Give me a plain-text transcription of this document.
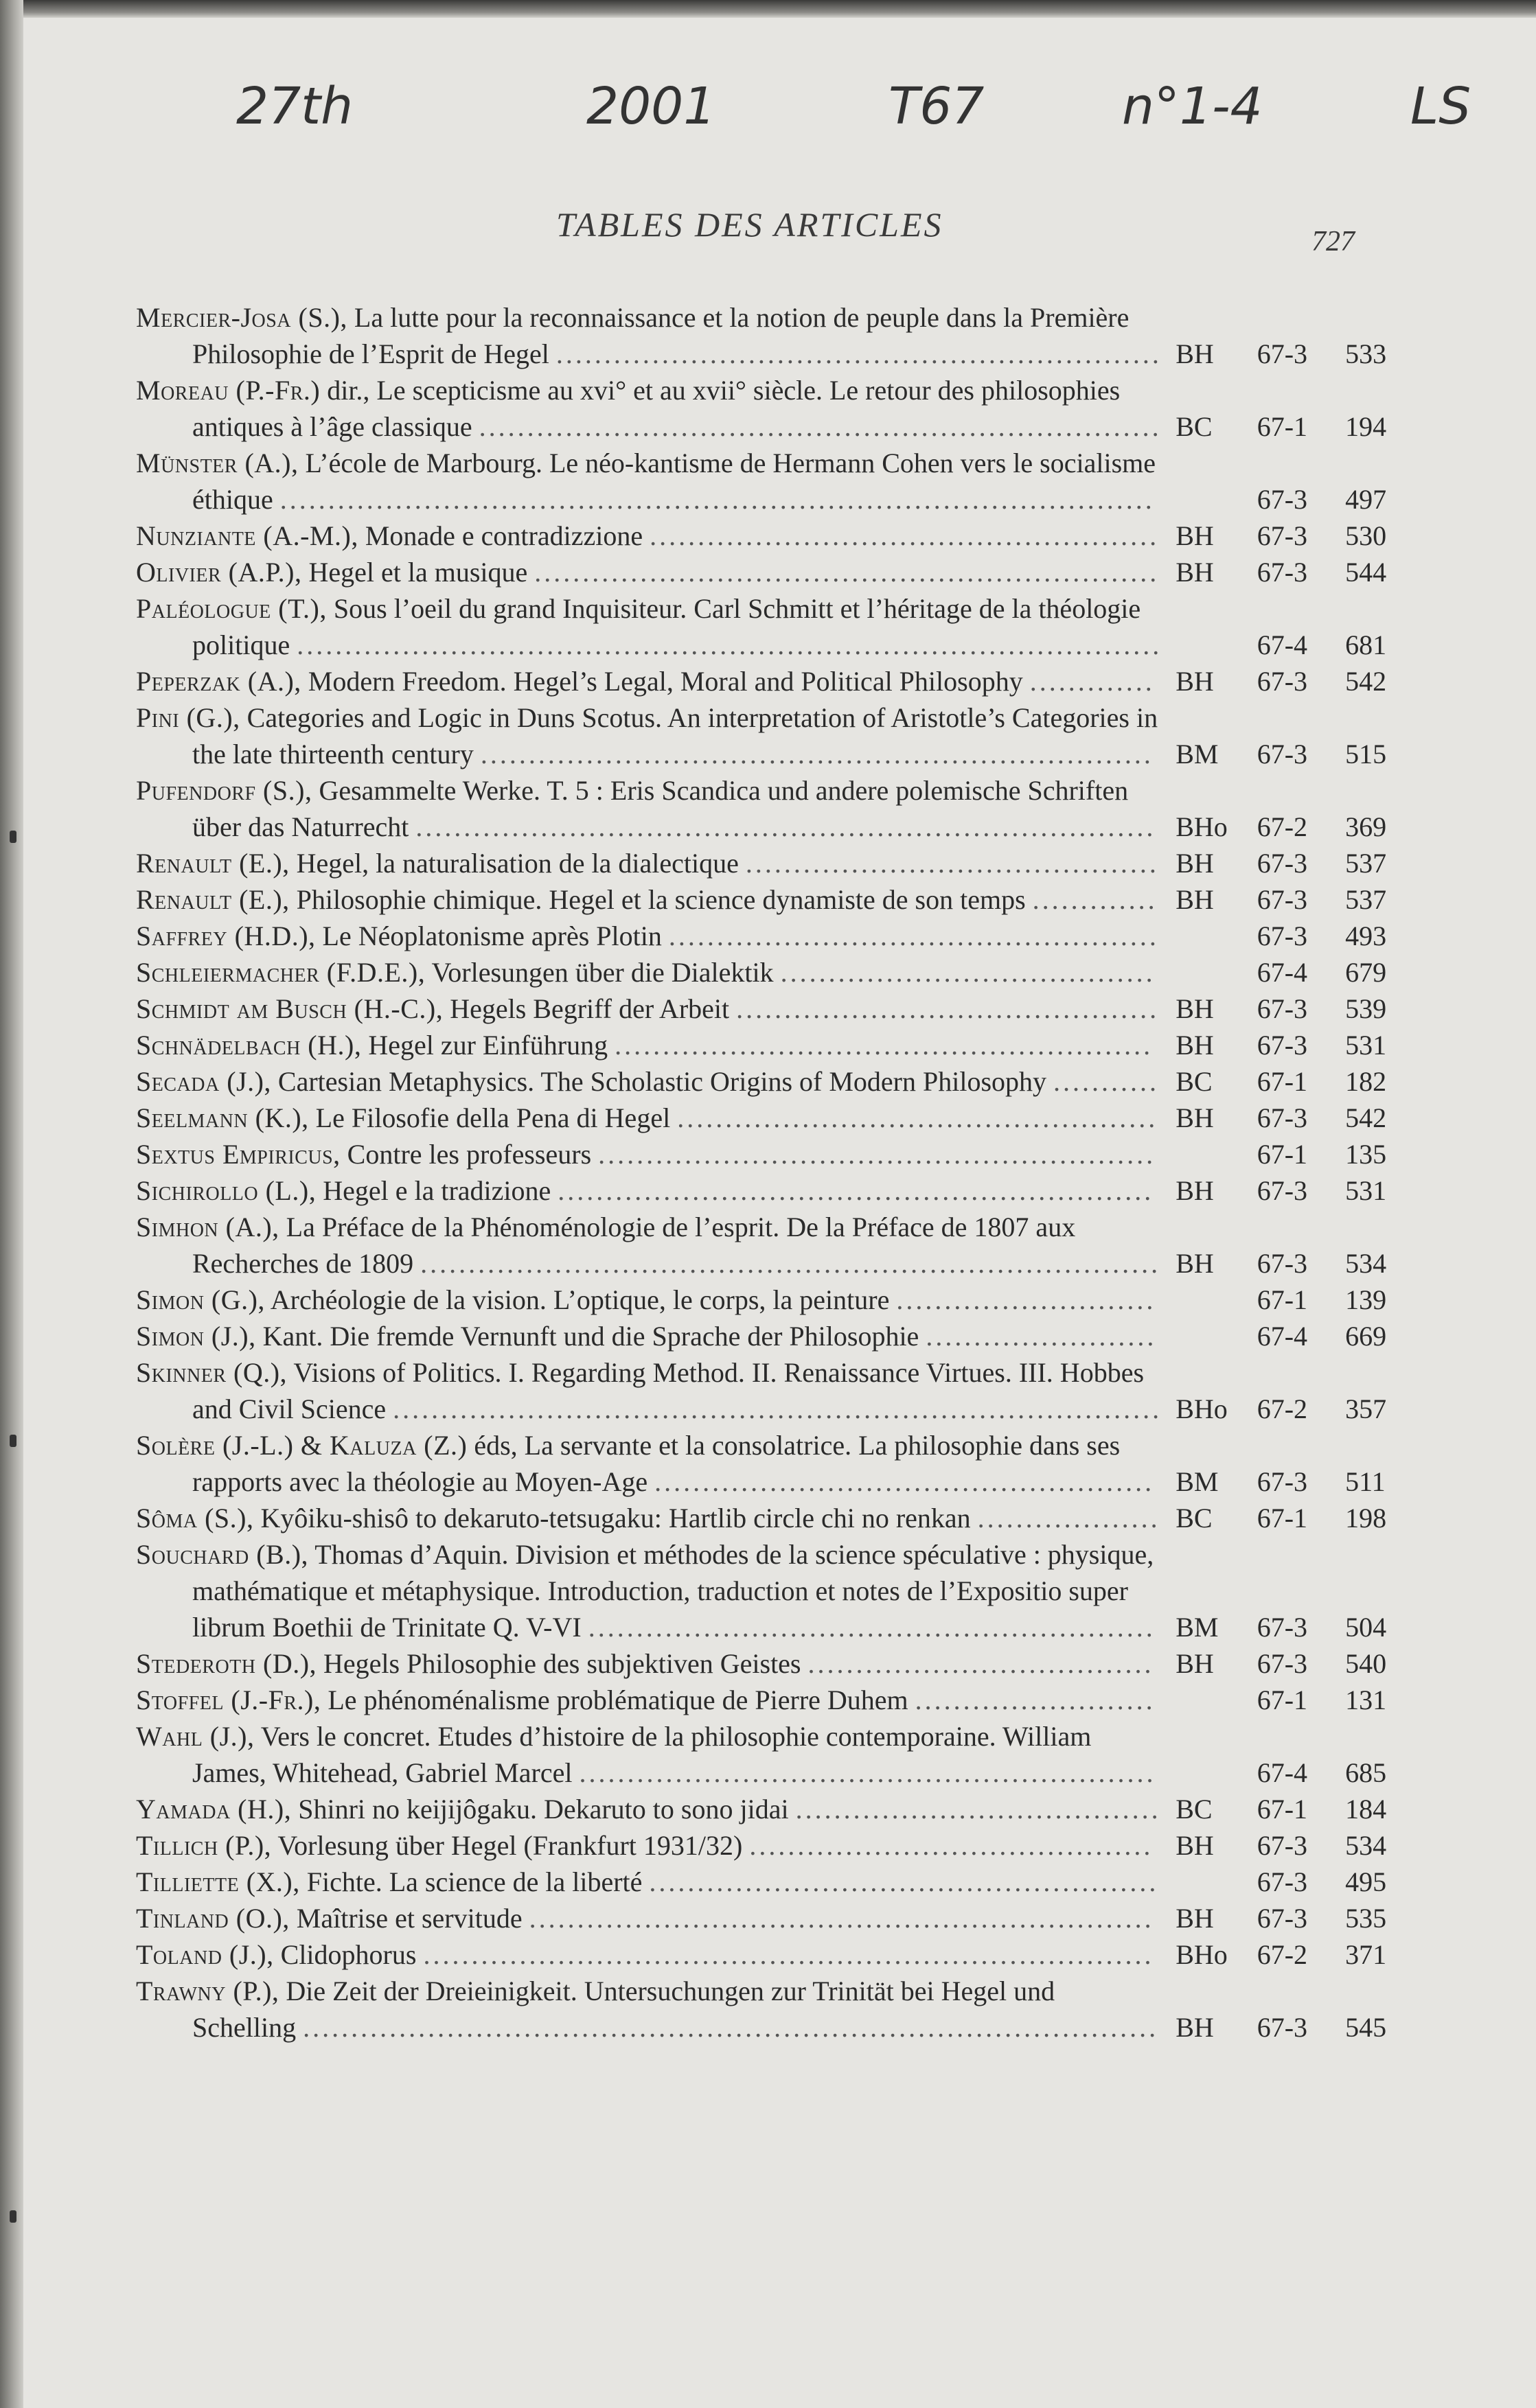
27th	2001	T67	n°1-4	LS
TABLES DES ARTICLES	727
Mercier-Josa (S.), La lutte pour la reconnaissance et la notion de peuple dans la Première Philosophie de l’Esprit de Hegel ............................................................... BH	67-3	533
Moreau (P.-Fr.) dir., Le scepticisme au xvi° et au xvii° siècle. Le retour des philosophies antiques à l’âge classique ....................................................................... BC	67-1	194
Münster (A.), L’école de Marbourg. Le néo-kantisme de Hermann Cohen vers le socialisme éthique ...........................................................................................	67-3	497
Nunziante (A.-M.), Monade e contradizzione ..................................................... BH	67-3	530
Olivier (A.P.), Hegel et la musique ................................................................. BH	67-3	544
Paléologue (T.), Sous l’oeil du grand Inquisiteur. Carl Schmitt et l’héritage de la théologie politique ..........................................................................................	67-4	681
Peperzak (A.), Modern Freedom. Hegel’s Legal, Moral and Political Philosophy ............. BH	67-3	542
Pini (G.), Categories and Logic in Duns Scotus. An interpretation of Aristotle’s Categories in the late thirteenth century ...................................................................... BM	67-3	515
Pufendorf (S.), Gesammelte Werke. T. 5 : Eris Scandica und andere polemische Schriften über das Naturrecht ............................................................................. BHo	67-2	369
Renault (E.), Hegel, la naturalisation de la dialectique ........................................... BH	67-3	537
Renault (E.), Philosophie chimique. Hegel et la science dynamiste de son temps ............. BH	67-3	537
Saffrey (H.D.), Le Néoplatonisme après Plotin ...................................................	67-3	493
Schleiermacher (F.D.E.), Vorlesungen über die Dialektik .......................................	67-4	679
Schmidt am Busch (H.-C.), Hegels Begriff der Arbeit ............................................ BH	67-3	539
Schnädelbach (H.), Hegel zur Einführung ........................................................ BH	67-3	531
Secada (J.), Cartesian Metaphysics. The Scholastic Origins of Modern Philosophy ........... BC	67-1	182
Seelmann (K.), Le Filosofie della Pena di Hegel .................................................. BH	67-3	542
Sextus Empiricus, Contre les professeurs ..........................................................	67-1	135
Sichirollo (L.), Hegel e la tradizione .............................................................. BH	67-3	531
Simhon (A.), La Préface de la Phénoménologie de l’esprit. De la Préface de 1807 aux Recherches de 1809 ............................................................................. BH	67-3	534
Simon (G.), Archéologie de la vision. L’optique, le corps, la peinture ...........................	67-1	139
Simon (J.), Kant. Die fremde Vernunft und die Sprache der Philosophie ........................	67-4	669
Skinner (Q.), Visions of Politics. I. Regarding Method. II. Renaissance Virtues. III. Hobbes and Civil Science ................................................................................ BHo	67-2	357
Solère (J.-L.) & Kaluza (Z.) éds, La servante et la consolatrice. La philosophie dans ses rapports avec la théologie au Moyen-Age .................................................... BM	67-3	511
Sôma (S.), Kyôiku-shisô to dekaruto-tetsugaku: Hartlib circle chi no renkan ................... BC	67-1	198
Souchard (B.), Thomas d’Aquin. Division et méthodes de la science spéculative : physique, mathématique et métaphysique. Introduction, traduction et notes de l’Expositio super librum Boethii de Trinitate Q. V-VI ........................................................... BM	67-3	504
Stederoth (D.), Hegels Philosophie des subjektiven Geistes .................................... BH	67-3	540
Stoffel (J.-Fr.), Le phénoménalisme problématique de Pierre Duhem .........................	67-1	131
Wahl (J.), Vers le concret. Etudes d’histoire de la philosophie contemporaine. William James, Whitehead, Gabriel Marcel ............................................................	67-4	685
Yamada (H.), Shinri no keijijôgaku. Dekaruto to sono jidai ...................................... BC	67-1	184
Tillich (P.), Vorlesung über Hegel (Frankfurt 1931/32) .......................................... BH	67-3	534
Tilliette (X.), Fichte. La science de la liberté .....................................................	67-3	495
Tinland (O.), Maîtrise et servitude ................................................................. BH	67-3	535
Toland (J.), Clidophorus ............................................................................ BHo	67-2	371
Trawny (P.), Die Zeit der Dreieinigkeit. Untersuchungen zur Trinität bei Hegel und Schelling ......................................................................................... BH	67-3	545
